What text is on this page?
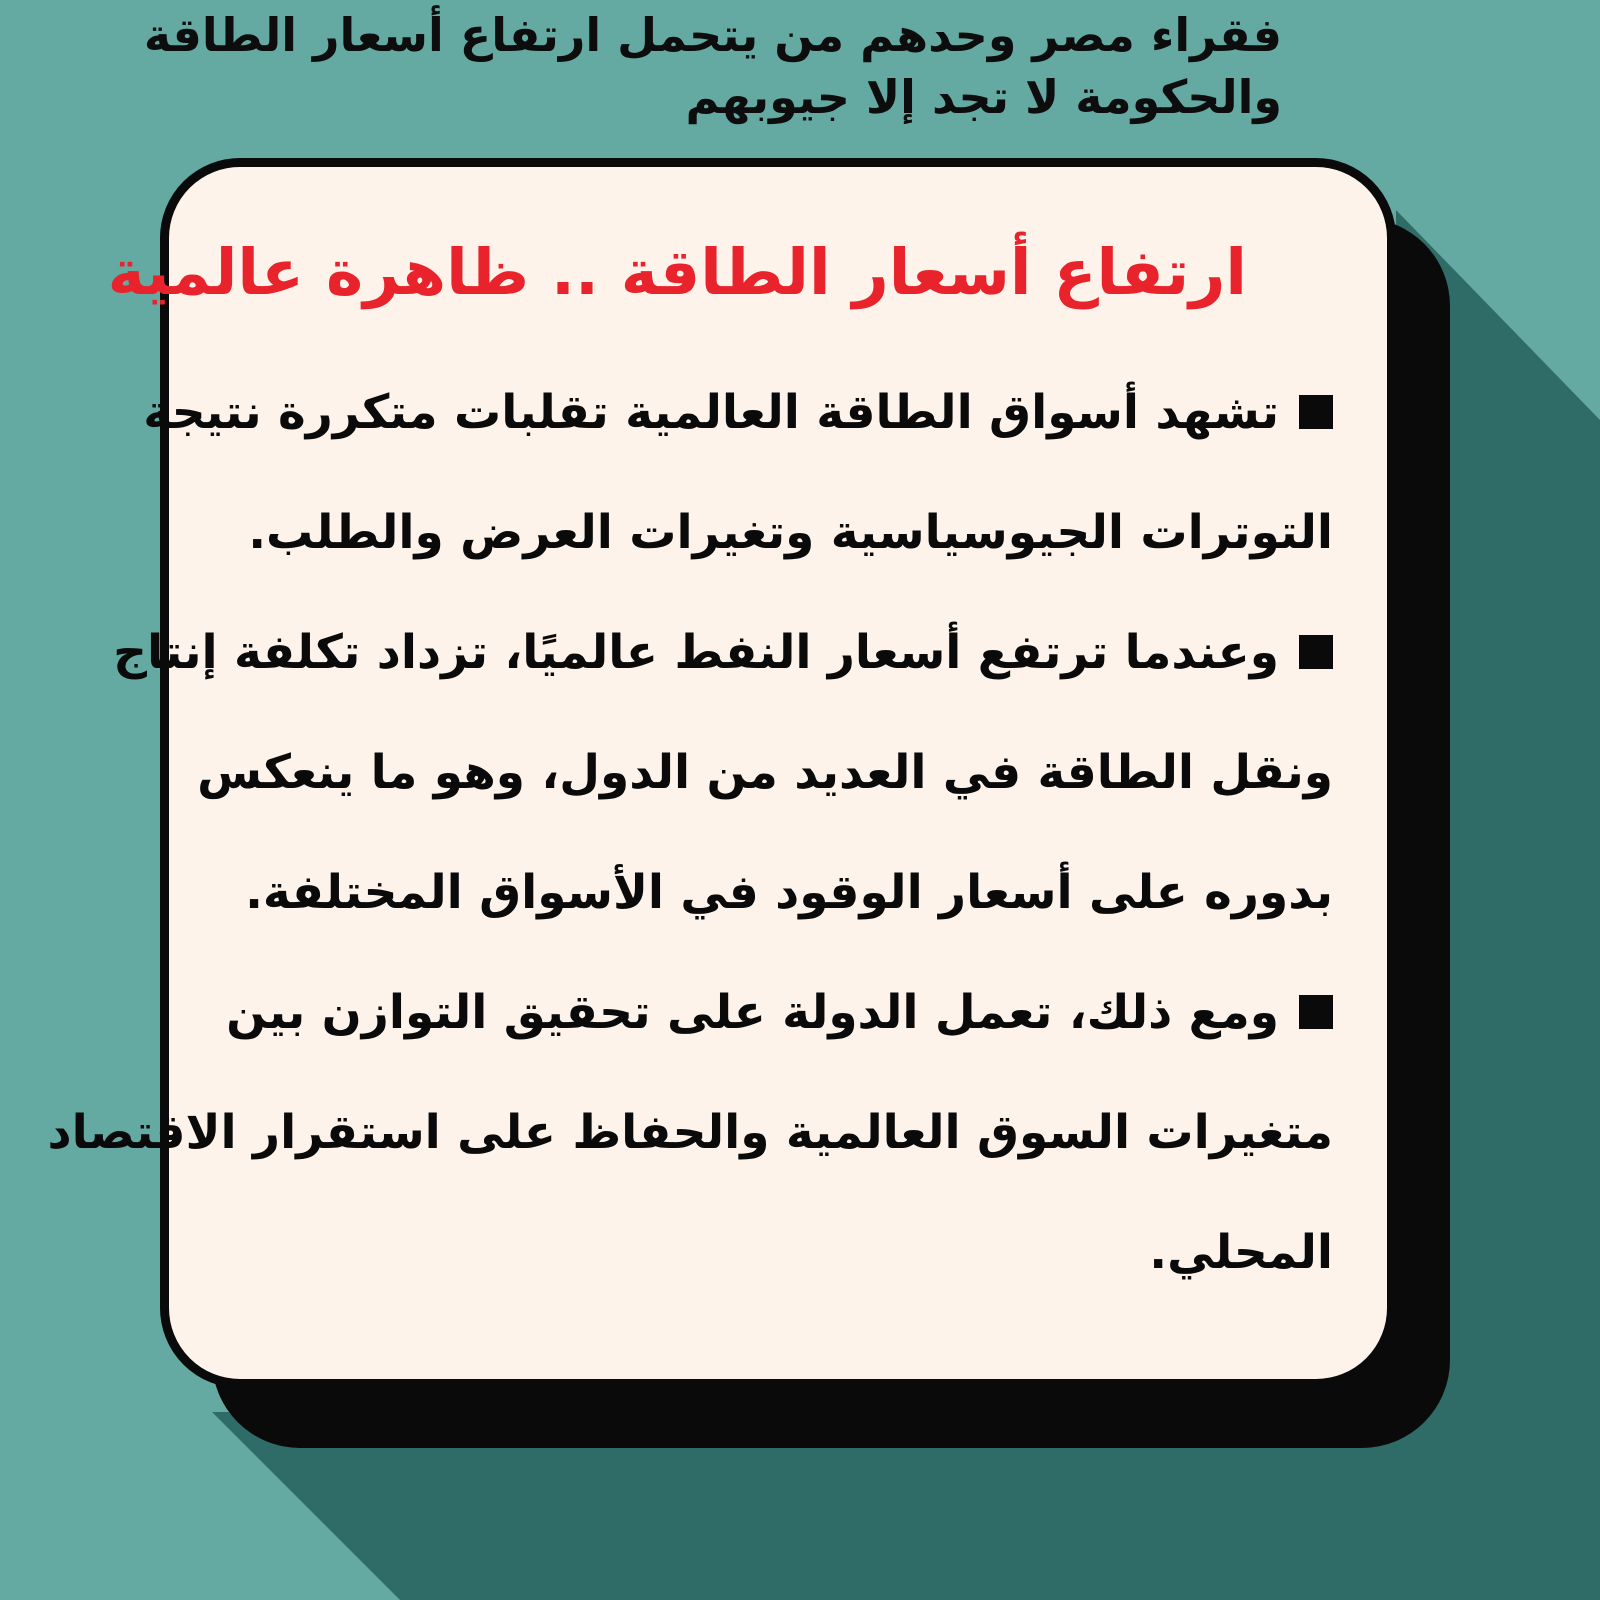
فقراء مصر وحدهم من يتحمل ارتفاع أسعار الطاقة
والحكومة لا تجد إلا جيوبهم
ارتفاع أسعار الطاقة .. ظاهرة عالمية
تشهد أسواق الطاقة العالمية تقلبات متكررة نتيجة
التوترات الجيوسياسية وتغيرات العرض والطلب.
وعندما ترتفع أسعار النفط عالميًا، تزداد تكلفة إنتاج
ونقل الطاقة في العديد من الدول، وهو ما ينعكس
بدوره على أسعار الوقود في الأسواق المختلفة.
ومع ذلك، تعمل الدولة على تحقيق التوازن بين
متغيرات السوق العالمية والحفاظ على استقرار الاقتصاد
المحلي.
